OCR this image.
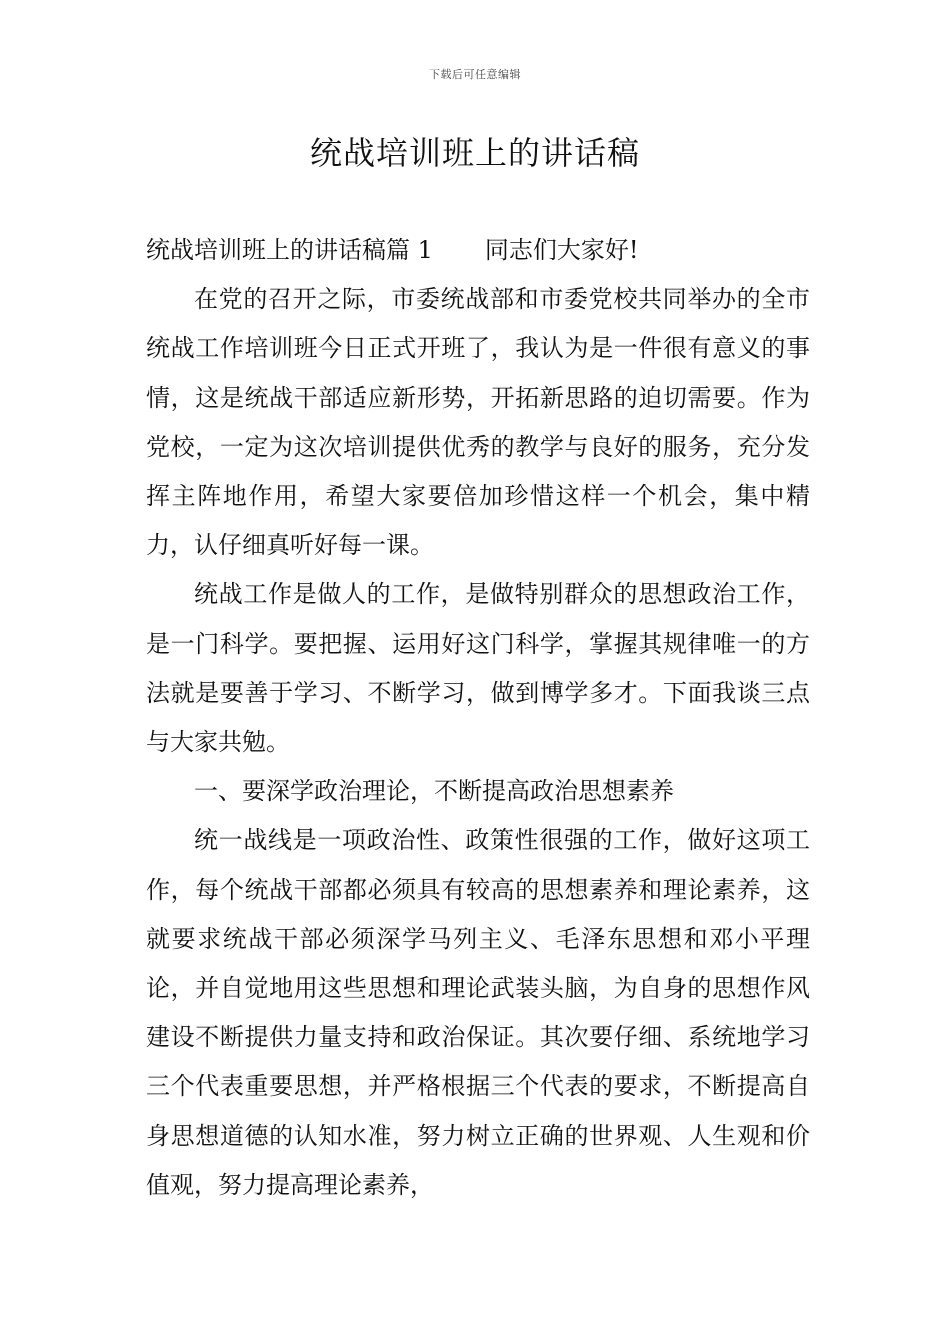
下载后可任意编辑
统战培训班上的讲话稿

统战培训班上的讲话稿篇 1 同志们大家好!

在党的召开之际，市委统战部和市委党校共同举办的全市统战工作培训班今日正式开班了，我认为是一件很有意义的事情，这是统战干部适应新形势，开拓新思路的迫切需要。作为党校，一定为这次培训提供优秀的教学与良好的服务，充分发挥主阵地作用，希望大家要倍加珍惜这样一个机会，集中精力，认仔细真听好每一课。

统战工作是做人的工作，是做特别群众的思想政治工作，是一门科学。要把握、运用好这门科学，掌握其规律唯一的方法就是要善于学习、不断学习，做到博学多才。下面我谈三点与大家共勉。

一、要深学政治理论，不断提高政治思想素养

统一战线是一项政治性、政策性很强的工作，做好这项工作，每个统战干部都必须具有较高的思想素养和理论素养，这就要求统战干部必须深学马列主义、毛泽东思想和邓小平理论，并自觉地用这些思想和理论武装头脑，为自身的思想作风建设不断提供力量支持和政治保证。其次要仔细、系统地学习三个代表重要思想，并严格根据三个代表的要求，不断提高自身思想道德的认知水准，努力树立正确的世界观、人生观和价值观，努力提高理论素养，
